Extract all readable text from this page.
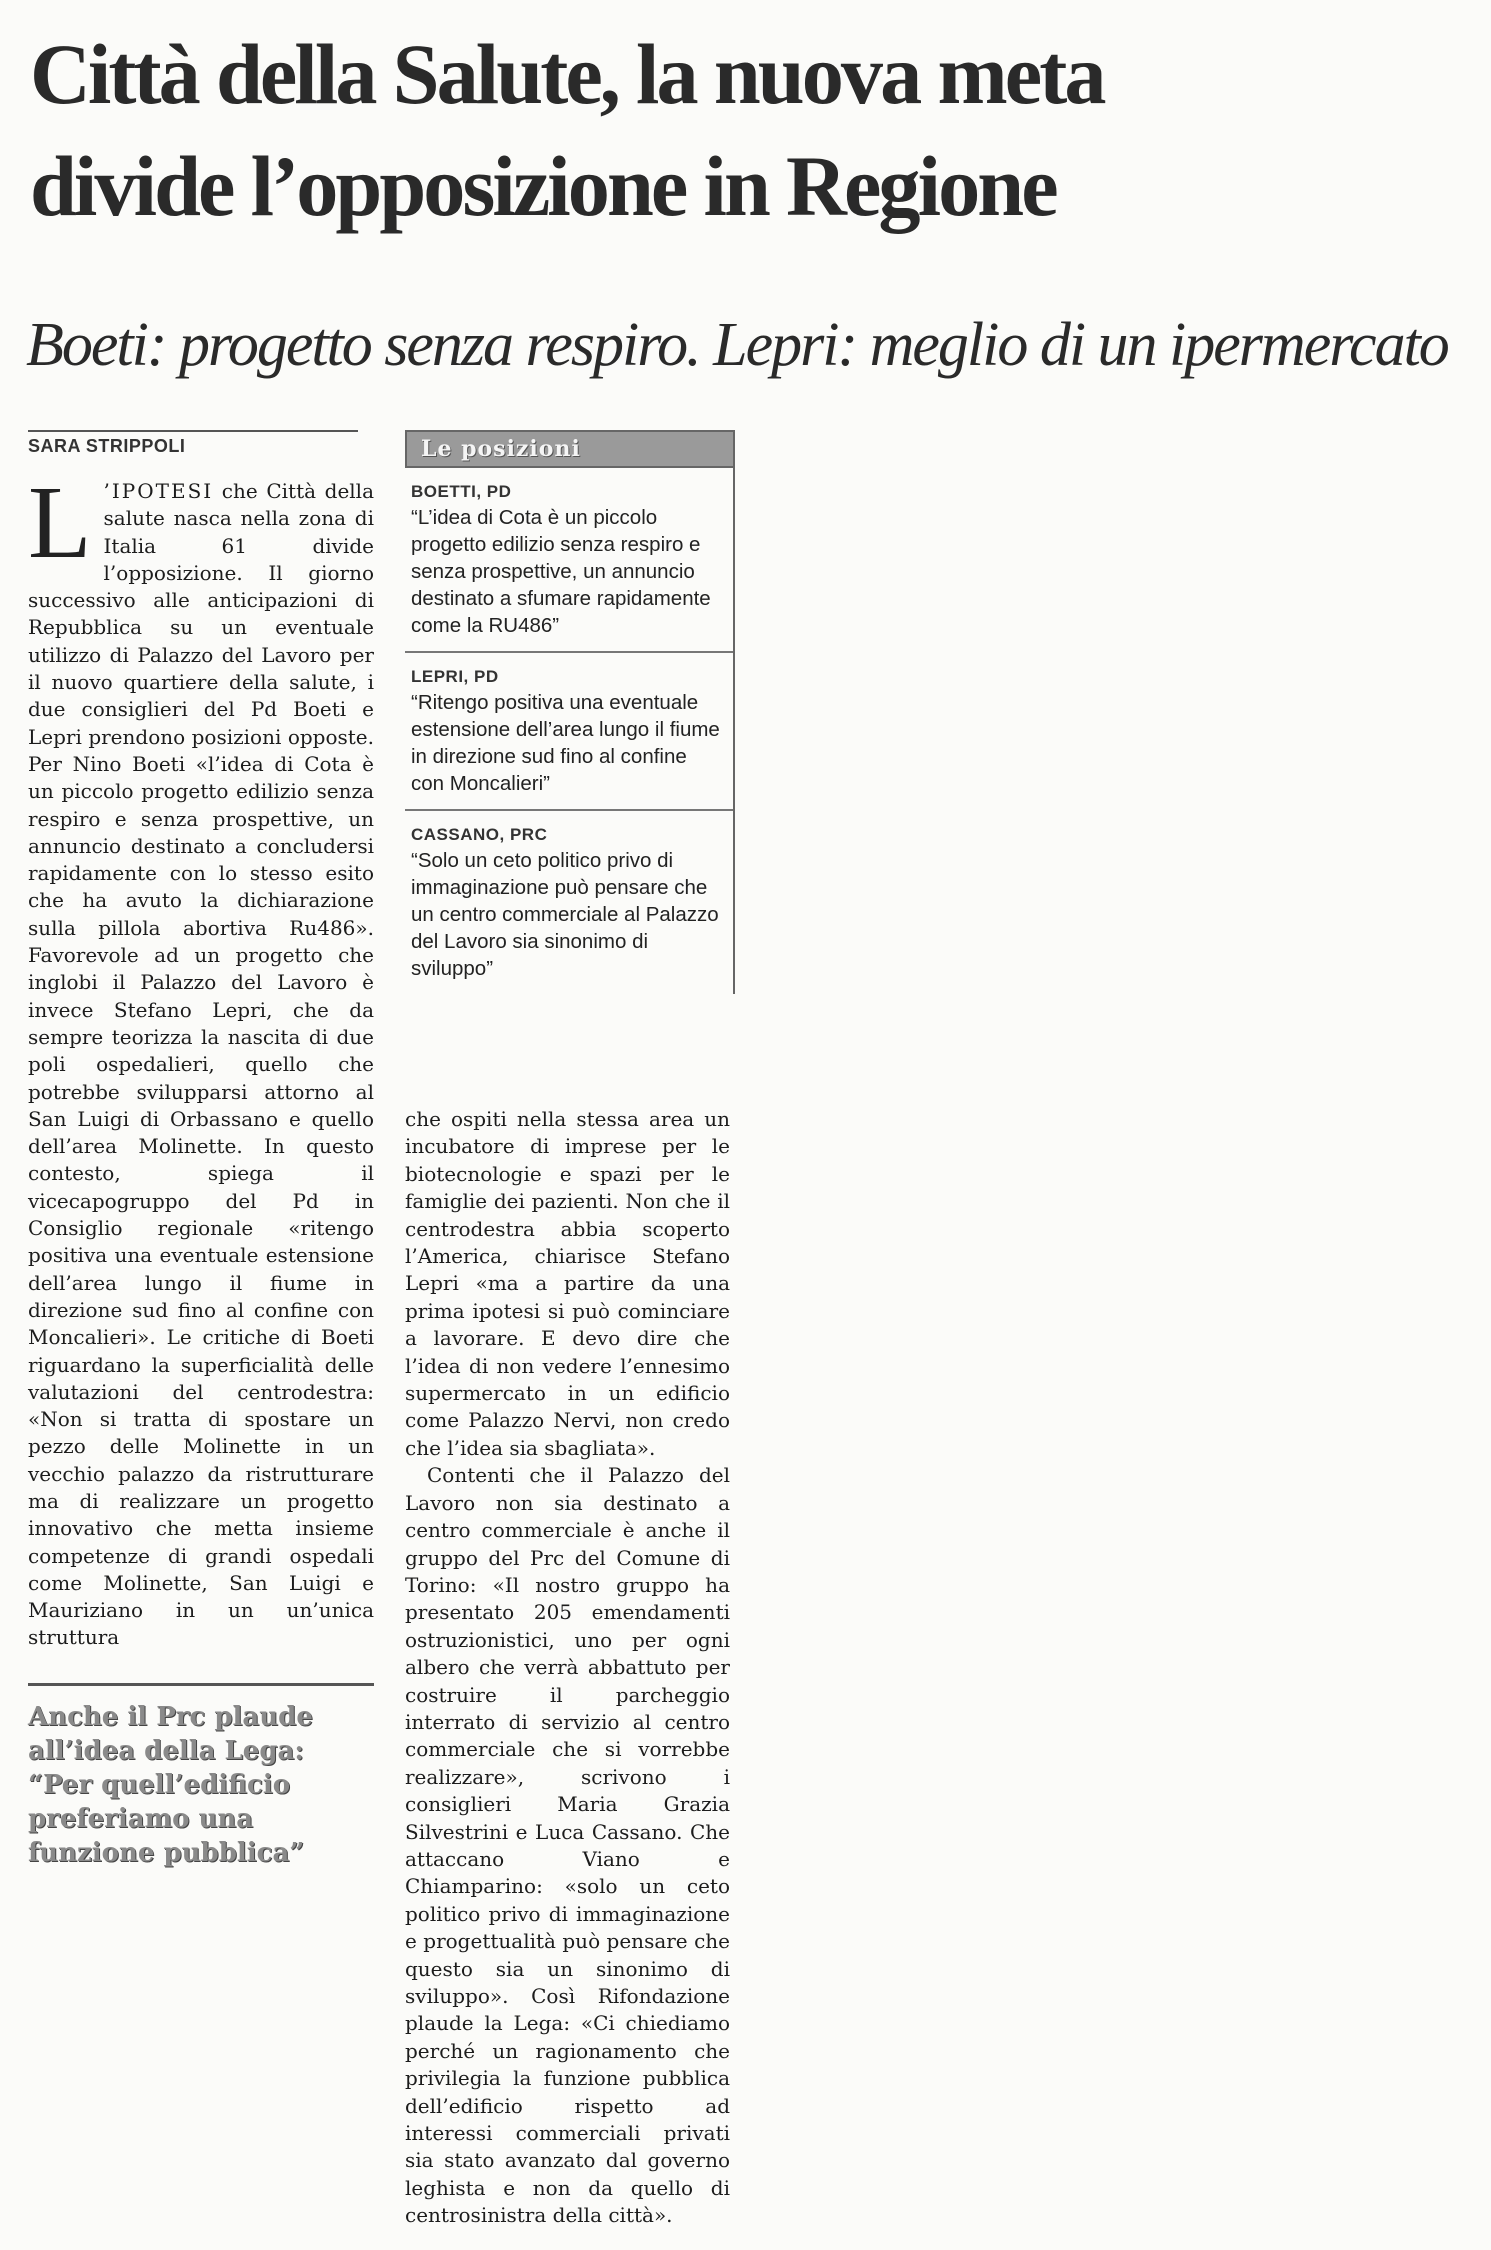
Città della Salute, la nuova meta
divide l’opposizione in Regione
Boeti: progetto senza respiro. Lepri: meglio di un ipermercato
SARA STRIPPOLI
L ’IPOTESI che Città della salute nasca nella zona di Italia 61 divide l’opposizione. Il giorno successivo alle anticipazioni di Repubblica su un eventuale utilizzo di Palazzo del Lavoro per il nuovo quartiere della salute, i due consiglieri del Pd Boeti e Lepri prendono posizioni opposte. Per Nino Boeti «l’idea di Cota è un piccolo progetto edilizio senza respiro e senza prospettive, un annuncio destinato a concludersi rapidamente con lo stesso esito che ha avuto la dichiarazione sulla pillola abortiva Ru486». Favorevole ad un progetto che inglobi il Palazzo del Lavoro è invece Stefano Lepri, che da sempre teorizza la nascita di due poli ospedalieri, quello che potrebbe svilupparsi attorno al San Luigi di Orbassano e quello dell’area Molinette. In questo contesto, spiega il vicecapogruppo del Pd in Consiglio regionale «ritengo positiva una eventuale estensione dell’area lungo il fiume in direzione sud fino al confine con Moncalieri». Le critiche di Boeti riguardano la superficialità delle valutazioni del centrodestra: «Non si tratta di spostare un pezzo delle Molinette in un vecchio palazzo da ristrutturare ma di realizzare un progetto innovativo che metta insieme competenze di grandi ospedali come Molinette, San Luigi e Mauriziano in un un’unica struttura
Le posizioni
BOETTI, PD
“L’idea di Cota è un piccolo progetto edilizio senza respiro e senza prospettive, un annuncio destinato a sfumare rapidamente come la RU486”
LEPRI, PD
“Ritengo positiva una eventuale estensione dell’area lungo il fiume in direzione sud fino al confine con Moncalieri”
CASSANO, PRC
“Solo un ceto politico privo di immaginazione può pensare che un centro commerciale al Palazzo del Lavoro sia sinonimo di sviluppo”

che ospiti nella stessa area un incubatore di imprese per le biotecnologie e spazi per le famiglie dei pazienti. Non che il centrodestra abbia scoperto l’America, chiarisce Stefano Lepri «ma a partire da una prima ipotesi si può cominciare a lavorare. E devo dire che l’idea di non vedere l’ennesimo supermercato in un edificio come Palazzo Nervi, non credo che l’idea sia sbagliata».

Contenti che il Palazzo del Lavoro non sia destinato a centro commerciale è anche il gruppo del Prc del Comune di Torino: «Il nostro gruppo ha presentato 205 emendamenti ostruzionistici, uno per ogni albero che verrà abbattuto per costruire il parcheggio interrato di servizio al centro commerciale che si vorrebbe realizzare», scrivono i consiglieri Maria Grazia Silvestrini e Luca Cassano. Che attaccano Viano e Chiamparino: «solo un ceto politico privo di immaginazione e progettualità può pensare che questo sia un sinonimo di sviluppo». Così Rifondazione plaude la Lega: «Ci chiediamo perché un ragionamento che privilegia la funzione pubblica dell’edificio rispetto ad interessi commerciali privati sia stato avanzato dal governo leghista e non da quello di centrosinistra della città».

Anche il Prc plaude all’idea della Lega: “Per quell’edificio preferiamo una funzione pubblica”
